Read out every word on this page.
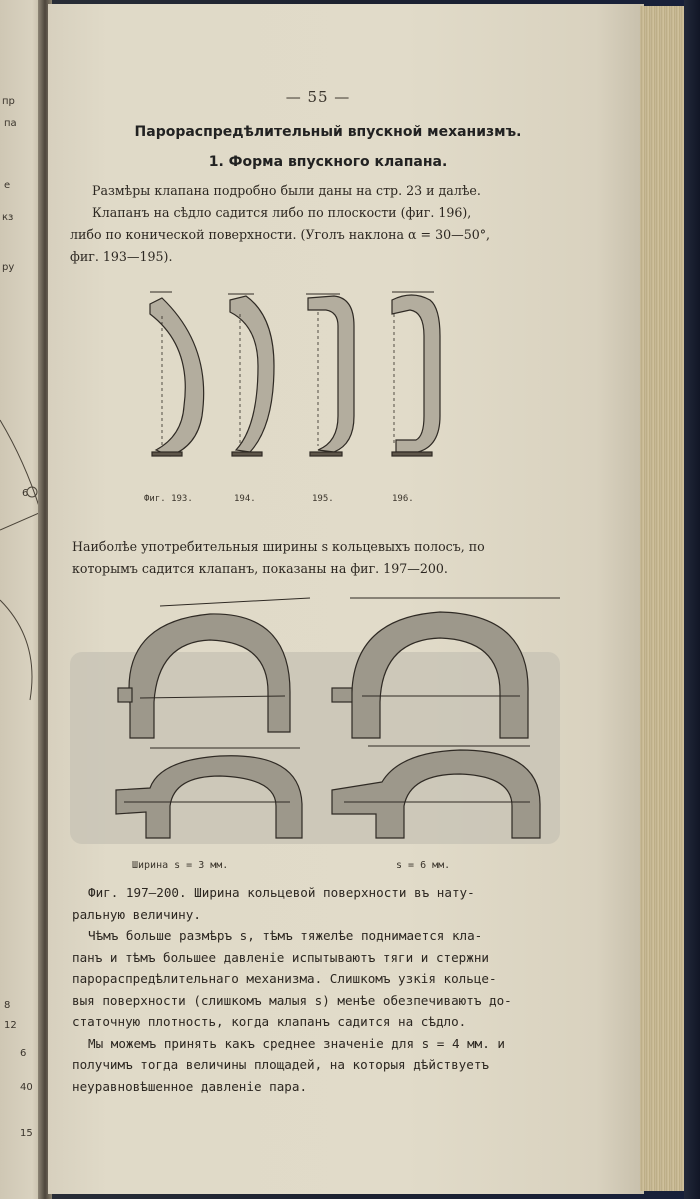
пр
па
е
кз
ру
6
8
12
6
40
15
— 55 —
Парораспредѣлительный впускной механизмъ.
1. Форма впускного клапана.
Размѣры клапана подробно были даны на стр. 23 и далѣе.
Клапанъ на сѣдло садится либо по плоскости (фиг. 196),
либо по конической поверхности. (Уголъ наклона α = 30—50°,
фиг. 193—195).
Фиг. 193.	194.	195.	196.
Наиболѣе употребительныя ширины s кольцевыхъ полосъ, по
которымъ садится клапанъ, показаны на фиг. 197—200.
Ширина s = 3 мм.	s = 6 мм.
Фиг. 197—200. Ширина кольцевой поверхности въ нату-
ральную величину.
Чѣмъ больше размѣръ s, тѣмъ тяжелѣе поднимается кла-
панъ и тѣмъ большее давленіе испытываютъ тяги и стержни
парораспредѣлительнаго механизма. Слишкомъ узкія кольце-
выя поверхности (слишкомъ малыя s) менѣе обезпечиваютъ до-
статочную плотность, когда клапанъ садится на сѣдло.
Мы можемъ принять какъ среднее значеніе для s = 4 мм. и
получимъ тогда величины площадей, на которыя дѣйствуетъ
неуравновѣшенное давленіе пара.
